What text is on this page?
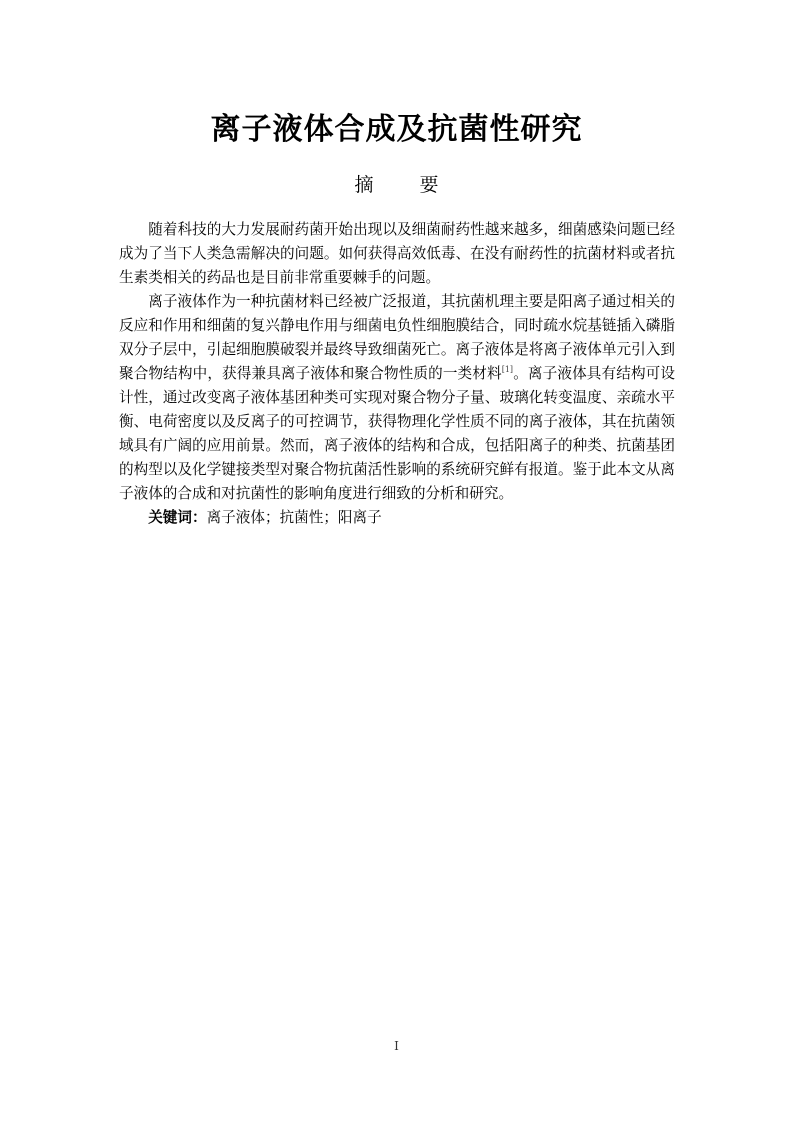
离子液体合成及抗菌性研究
摘 要

随着科技的大力发展耐药菌开始出现以及细菌耐药性越来越多，细菌感染问题已经成为了当下人类急需解决的问题。如何获得高效低毒、在没有耐药性的抗菌材料或者抗生素类相关的药品也是目前非常重要棘手的问题。

离子液体作为一种抗菌材料已经被广泛报道，其抗菌机理主要是阳离子通过相关的反应和作用和细菌的复兴静电作用与细菌电负性细胞膜结合，同时疏水烷基链插入磷脂双分子层中，引起细胞膜破裂并最终导致细菌死亡。离子液体是将离子液体单元引入到聚合物结构中，获得兼具离子液体和聚合物性质的一类材料[1]。离子液体具有结构可设计性，通过改变离子液体基团种类可实现对聚合物分子量、玻璃化转变温度、亲疏水平衡、电荷密度以及反离子的可控调节，获得物理化学性质不同的离子液体，其在抗菌领域具有广阔的应用前景。然而，离子液体的结构和合成，包括阳离子的种类、抗菌基团的构型以及化学键接类型对聚合物抗菌活性影响的系统研究鲜有报道。鉴于此本文从离子液体的合成和对抗菌性的影响角度进行细致的分析和研究。

关键词：离子液体；抗菌性；阳离子

I
